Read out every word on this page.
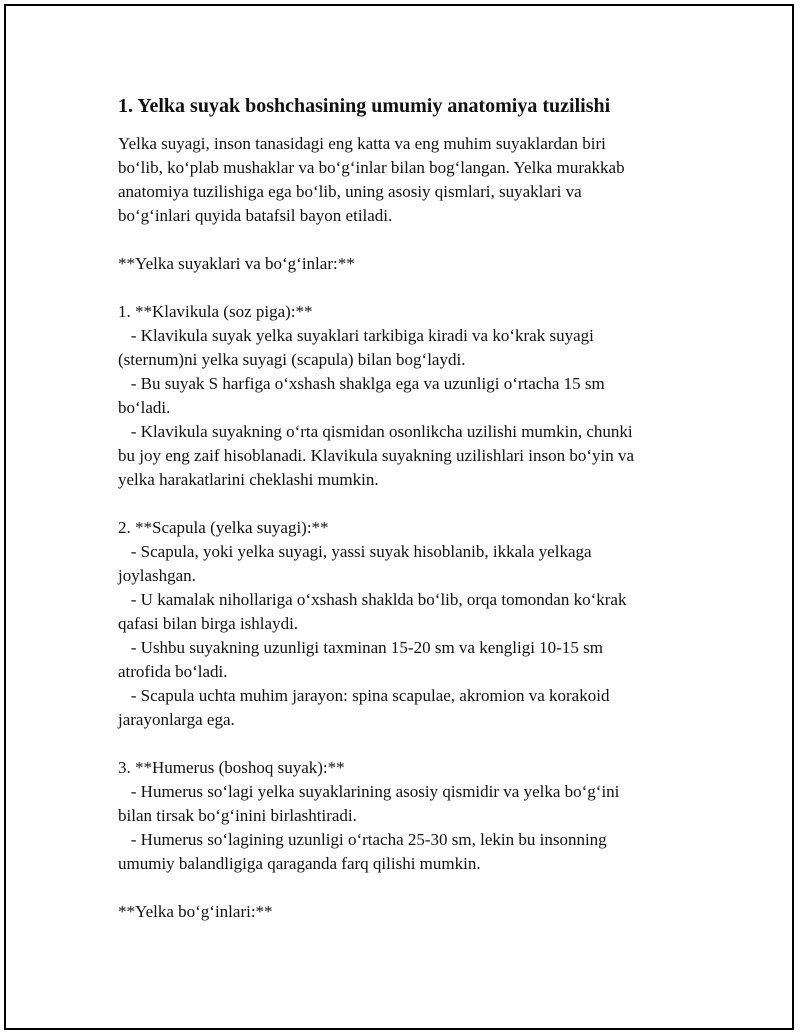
1. Yelka suyak boshchasining umumiy anatomiya tuzilishi
Yelka suyagi, inson tanasidagi eng katta va eng muhim suyaklardan biri
bo‘lib, ko‘plab mushaklar va bo‘g‘inlar bilan bog‘langan. Yelka murakkab
anatomiya tuzilishiga ega bo‘lib, uning asosiy qismlari, suyaklari va
bo‘g‘inlari quyida batafsil bayon etiladi.
**Yelka suyaklari va bo‘g‘inlar:**
1. **Klavikula (soz piga):**
- Klavikula suyak yelka suyaklari tarkibiga kiradi va ko‘krak suyagi
(sternum)ni yelka suyagi (scapula) bilan bog‘laydi.
- Bu suyak S harfiga o‘xshash shaklga ega va uzunligi o‘rtacha 15 sm
bo‘ladi.
- Klavikula suyakning o‘rta qismidan osonlikcha uzilishi mumkin, chunki
bu joy eng zaif hisoblanadi. Klavikula suyakning uzilishlari inson bo‘yin va
yelka harakatlarini cheklashi mumkin.
2. **Scapula (yelka suyagi):**
- Scapula, yoki yelka suyagi, yassi suyak hisoblanib, ikkala yelkaga
joylashgan.
- U kamalak nihollariga o‘xshash shaklda bo‘lib, orqa tomondan ko‘krak
qafasi bilan birga ishlaydi.
- Ushbu suyakning uzunligi taxminan 15-20 sm va kengligi 10-15 sm
atrofida bo‘ladi.
- Scapula uchta muhim jarayon: spina scapulae, akromion va korakoid
jarayonlarga ega.
3. **Humerus (boshoq suyak):**
- Humerus so‘lagi yelka suyaklarining asosiy qismidir va yelka bo‘g‘ini
bilan tirsak bo‘g‘inini birlashtiradi.
- Humerus so‘lagining uzunligi o‘rtacha 25-30 sm, lekin bu insonning
umumiy balandligiga qaraganda farq qilishi mumkin.
**Yelka bo‘g‘inlari:**
